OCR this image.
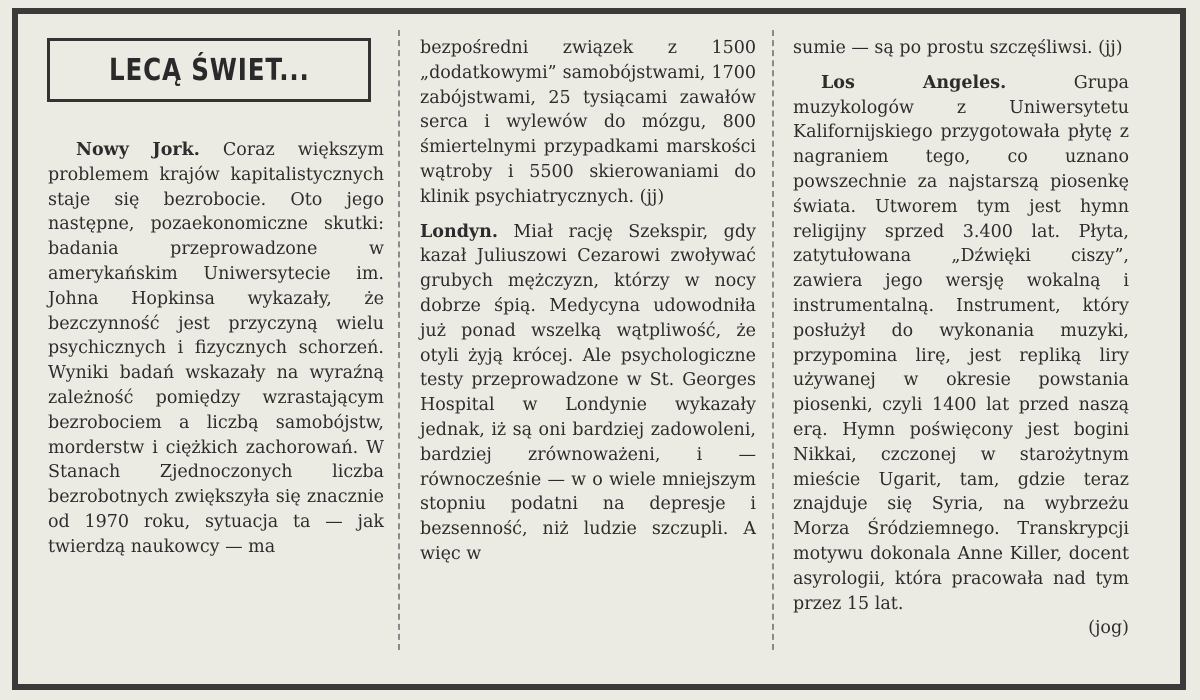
LECĄ ŚWIET...

Nowy Jork. Coraz większym problemem krajów kapitalistycznych staje się bezrobocie. Oto jego następne, pozaekonomiczne skutki: badania przeprowadzone w amerykańskim Uniwersytecie im. Johna Hopkinsa wykazały, że bezczynność jest przyczyną wielu psychicznych i fizycznych schorzeń. Wyniki badań wskazały na wyraźną zależność pomiędzy wzrastającym bezrobociem a liczbą samobójstw, morderstw i ciężkich zachorowań. W Stanach Zjednoczonych liczba bezrobotnych zwiększyła się znacznie od 1970 roku, sytuacja ta — jak twierdzą naukowcy — ma

bezpośredni związek z 1500 „dodatkowymi” samobójstwami, 1700 zabójstwami, 25 tysiącami zawałów serca i wylewów do mózgu, 800 śmiertelnymi przypadkami marskości wątroby i 5500 skierowaniami do klinik psychiatrycznych. (jj)

Londyn. Miał rację Szekspir, gdy kazał Juliuszowi Cezarowi zwoływać grubych mężczyzn, którzy w nocy dobrze śpią. Medycyna udowodniła już ponad wszelką wątpliwość, że otyli żyją krócej. Ale psychologiczne testy przeprowadzone w St. Georges Hospital w Londynie wykazały jednak, iż są oni bardziej zadowoleni, bardziej zrównoważeni, i — równocześnie — w o wiele mniejszym stopniu podatni na depresje i bezsenność, niż ludzie szczupli. A więc w

sumie — są po prostu szczęśliwsi. (jj)

Los Angeles.	Grupa muzykologów z Uniwersytetu Kalifornijskiego przygotowała płytę z nagraniem tego, co uznano powszechnie za najstarszą piosenkę świata. Utworem tym jest hymn religijny sprzed 3.400 lat. Płyta, zatytułowana „Dźwięki ciszy”, zawiera jego wersję wokalną i instrumentalną. Instrument, który posłużył do wykonania muzyki, przypomina lirę, jest repliką liry używanej w okresie powstania piosenki, czyli 1400 lat przed naszą erą. Hymn poświęcony jest bogini Nikkai, czczonej w starożytnym mieście Ugarit, tam, gdzie teraz znajduje się Syria, na wybrzeżu Morza Śródziemnego. Transkrypcji motywu dokonala Anne Killer, docent asyrologii, która pracowała nad tym przez 15 lat.

(jog)
